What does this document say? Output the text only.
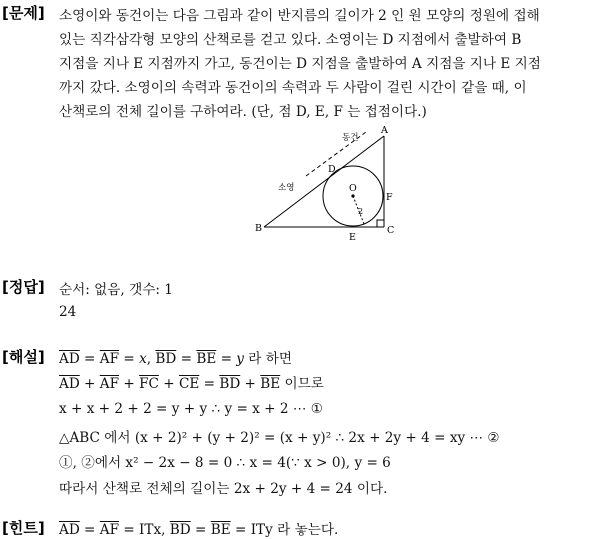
[문제] 소영이와 동건이는 다음 그림과 같이 반지름의 길이가 2 인 원 모양의 정원에 접해
있는 직각삼각형 모양의 산책로를 걷고 있다. 소영이는 D 지점에서 출발하여 B
지점을 지나 E 지점까지 가고, 동건이는 D 지점을 출발하여 A 지점을 지나 E 지점
까지 갔다. 소영이의 속력과 동건이의 속력과 두 사람이 걸린 시간이 같을 때, 이
산책로의 전체 길이를 구하여라. (단, 점 D, E, F 는 접점이다.)
A
B	C
D
E
F
O
2
소영
동건
[정답] 순서: 없음, 갯수: 1
24
[해설] $\overline{AD} = \overline{AF} = x$, $\overline{BD} = \overline{BE} = y$ 라 하면
$\overline{AD} + \overline{AF} + \overline{FC} + \overline{CE} = \overline{BD} + \overline{BE}$ 이므로
x + x + 2 + 2 = y + y ∴ y = x + 2 ⋯ ①
△ABC 에서 (x + 2)² + (y + 2)² = (x + y)² ∴ 2x + 2y + 4 = xy ⋯ ②
①, ②에서 x² − 2x − 8 = 0 ∴ x = 4(∵ x > 0), y = 6
따라서 산책로 전체의 길이는 2x + 2y + 4 = 24 이다.
[힌트] $\overline{AD} = \overline{AF}$ = ITx, $\overline{BD} = \overline{BE}$ = ITy 라 놓는다.
